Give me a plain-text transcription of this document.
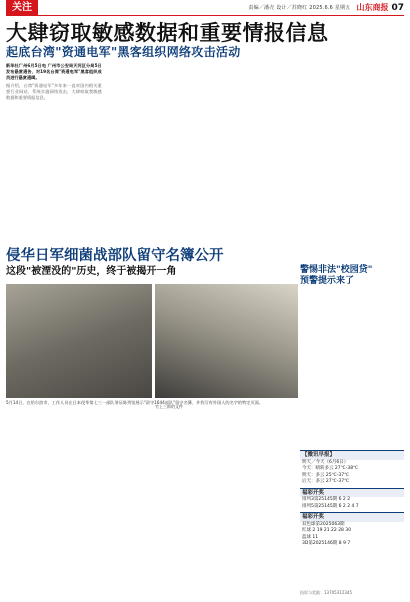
关注	责编／潘壳 设计／苏晓红 2025.6.6 星期五 山东商报 07
大肆窃取敏感数据和重要情报信息
起底台湾"资通电军"黑客组织网络攻击活动

新华社广州6月5日电 广州市公安局天河区分局5日发布悬赏通告，对19名台湾"资通电军"黑客组织成员进行悬赏通缉。

据介绍，台湾"资通电军"多年来一直对国内相关重要行业网站、系统实施网络攻击，大肆窃取我敏感数据和重要情报信息。

侵华日军细菌战部队留守名簿公开
这段"被湮没的"历史，终于被揭开一角
竹上三郎的文件
5月14日，在哈尔滨市，工作人员在日本侵华第七三一部队罪证陈列馆展示"留守1644部队"留守名簿、并找写有外国人的名字的特定页面。
警惕非法"校园贷"
预警提示来了
【微讯早报】
明天／今天（6月6日）
今天：晴转多云 27℃-38℃
明天：多云 25℃-37℃
后天：多云 27℃-37℃
福彩开奖
排列3第25145期 6 2 2
排列5第25145期 6 2 2 4 7
福彩开奖
双色球第2025063期
红球 2 19 21 22 28 30
蓝球 11
3D第2025146期 8 9 7
投诉与奖励：13705312345
